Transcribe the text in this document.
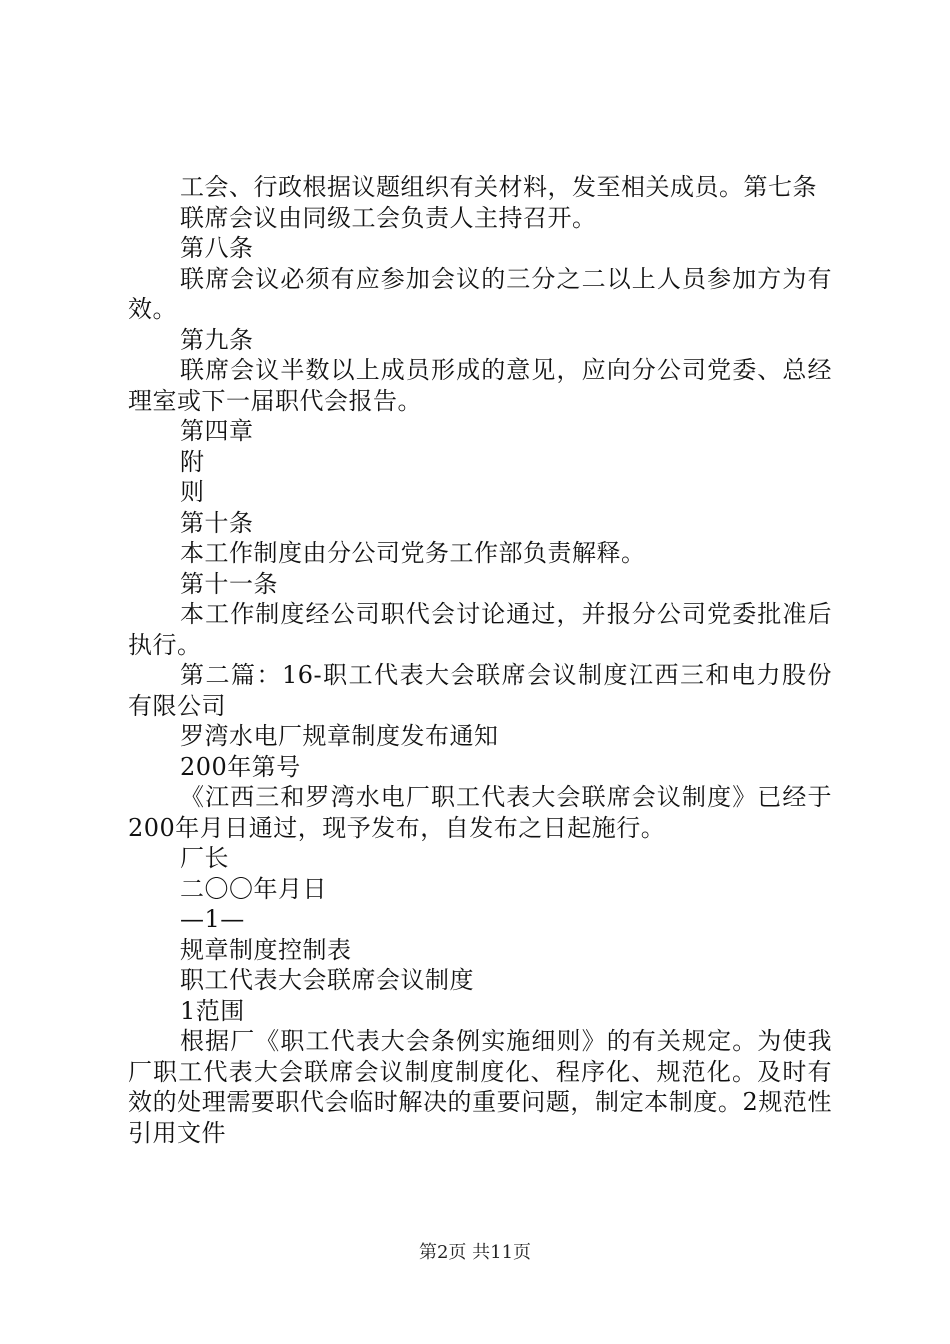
工会、行政根据议题组织有关材料，发至相关成员。第七条

联席会议由同级工会负责人主持召开。

第八条

联席会议必须有应参加会议的三分之二以上人员参加方为有效。

第九条

联席会议半数以上成员形成的意见，应向分公司党委、总经理室或下一届职代会报告。

第四章

附

则

第十条

本工作制度由分公司党务工作部负责解释。

第十一条

本工作制度经公司职代会讨论通过，并报分公司党委批准后执行。

第二篇：16-职工代表大会联席会议制度江西三和电力股份有限公司

罗湾水电厂规章制度发布通知

200年第号

《江西三和罗湾水电厂职工代表大会联席会议制度》已经于200年月日通过，现予发布，自发布之日起施行。

厂长

二〇〇年月日

—1—

规章制度控制表

职工代表大会联席会议制度

1范围

根据厂《职工代表大会条例实施细则》的有关规定。为使我厂职工代表大会联席会议制度制度化、程序化、规范化。及时有效的处理需要职代会临时解决的重要问题，制定本制度。2规范性引用文件

第2页 共11页
